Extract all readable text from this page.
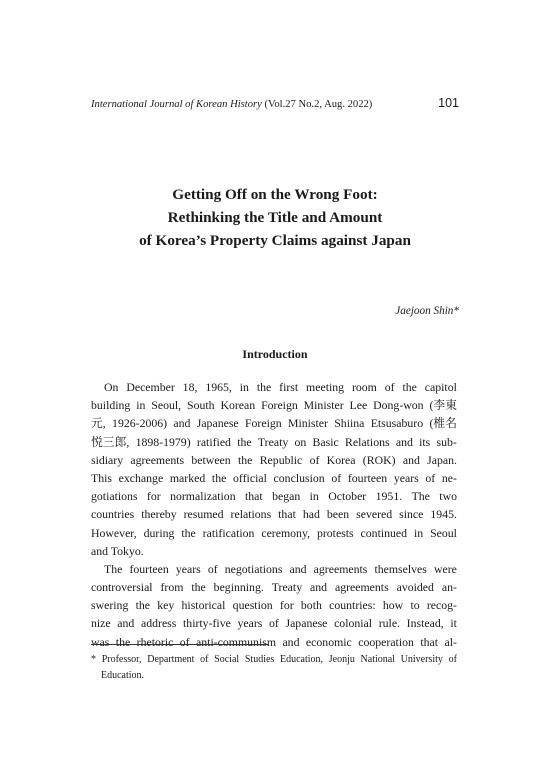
International Journal of Korean History (Vol.27 No.2, Aug. 2022)	101
Getting Off on the Wrong Foot:
Rethinking the Title and Amount
of Korea’s Property Claims against Japan
Jaejoon Shin*
Introduction
On December 18, 1965, in the first meeting room of the capitol
building in Seoul, South Korean Foreign Minister Lee Dong-won (李東
元, 1926-2006) and Japanese Foreign Minister Shiina Etsusaburo (椎名
悦三郎, 1898-1979) ratified the Treaty on Basic Relations and its sub-
sidiary agreements between the Republic of Korea (ROK) and Japan.
This exchange marked the official conclusion of fourteen years of ne-
gotiations for normalization that began in October 1951. The two
countries thereby resumed relations that had been severed since 1945.
However, during the ratification ceremony, protests continued in Seoul
and Tokyo.
The fourteen years of negotiations and agreements themselves were
controversial from the beginning. Treaty and agreements avoided an-
swering the key historical question for both countries: how to recog-
nize and address thirty-five years of Japanese colonial rule. Instead, it
was the rhetoric of anti-communism and economic cooperation that al-
* Professor, Department of Social Studies Education, Jeonju National University of
Education.
